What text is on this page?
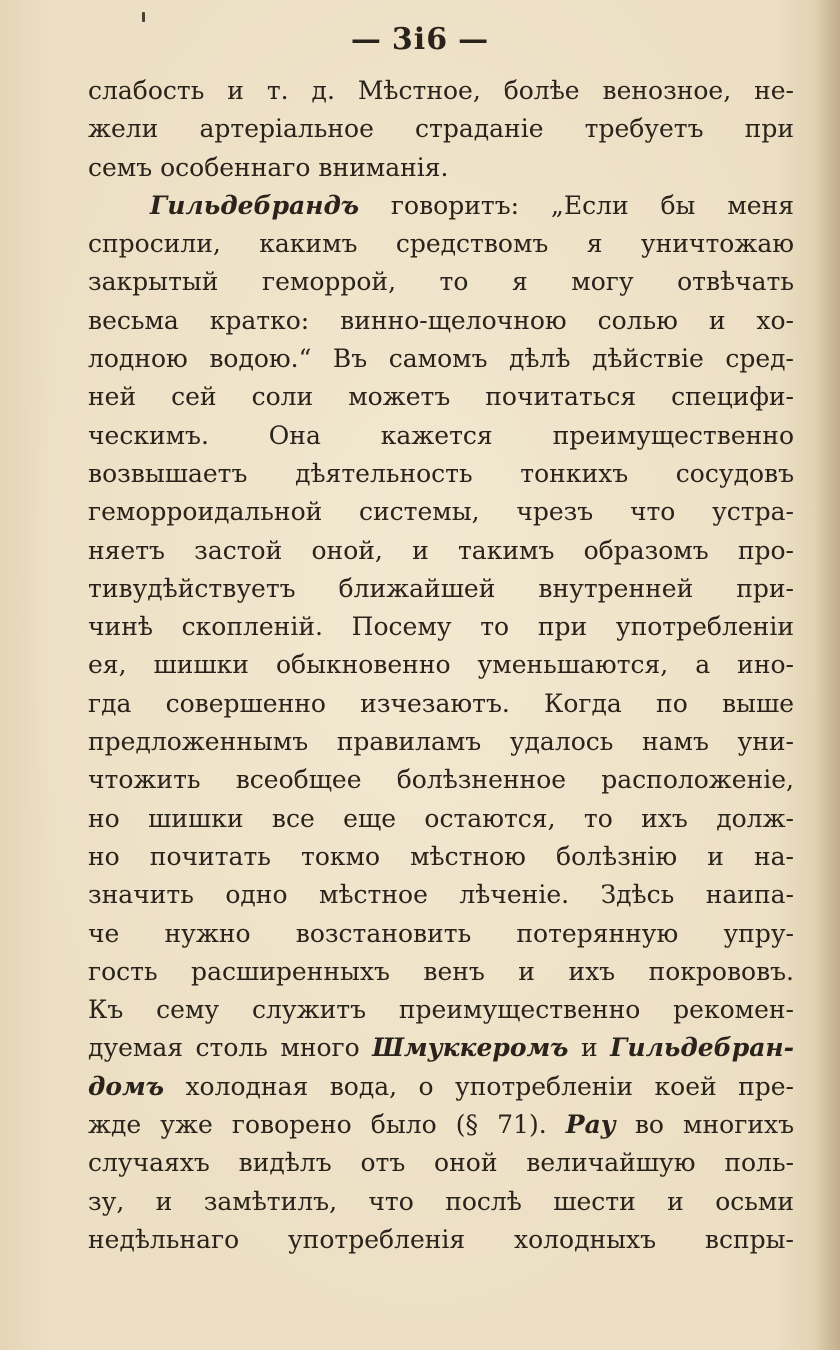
— 3і6 —
слабость и т. д. Мѣстное, болѣе венозное, не-
жели артеріальное страданіе требуетъ при
семъ особеннаго вниманія.
Гильдебрандъ говоритъ: „Если бы меня
спросили, какимъ средствомъ я уничтожаю
закрытый геморрой, то я могу отвѣчать
весьма кратко: винно-щелочною солью и хо-
лодною водою.“ Въ самомъ дѣлѣ дѣйствіе сред-
ней сей соли можетъ почитаться специфи-
ческимъ. Она кажется преимущественно
возвышаетъ дѣятельность тонкихъ сосудовъ
геморроидальной системы, чрезъ что устра-
няетъ застой оной, и такимъ образомъ про-
тивудѣйствуетъ ближайшей внутренней при-
чинѣ скопленій. Посему то при употребленіи
ея, шишки обыкновенно уменьшаются, а ино-
гда совершенно изчезаютъ. Когда по выше
предложеннымъ правиламъ удалось намъ уни-
чтожить всеобщее болѣзненное расположеніе,
но шишки все еще остаются, то ихъ долж-
но почитать токмо мѣстною болѣзнію и на-
значить одно мѣстное лѣченіе. Здѣсь наипа-
че нужно возстановить потерянную упру-
гость расширенныхъ венъ и ихъ покрововъ.
Къ сему служитъ преимущественно рекомен-
дуемая столь много Шмуккеромъ и Гильдебран-
домъ холодная вода, о употребленіи коей пре-
жде уже говорено было (§ 71). Рау во многихъ
случаяхъ видѣлъ отъ оной величайшую поль-
зу, и замѣтилъ, что послѣ шести и осьми
недѣльнаго употребленія холодныхъ вспры-
